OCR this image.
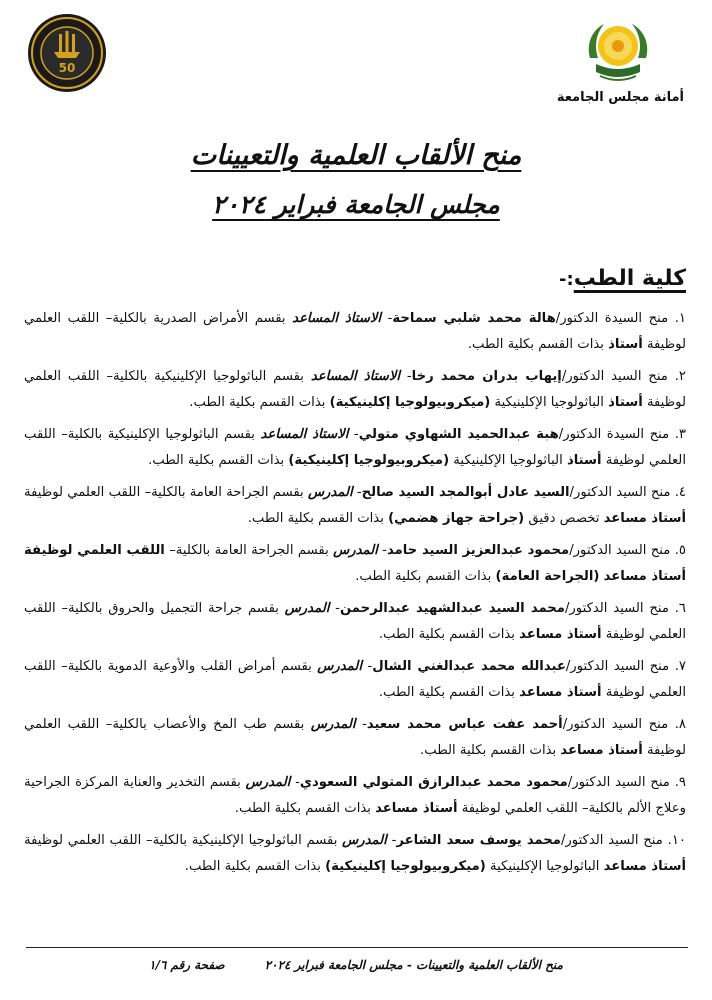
أمانة مجلس الجامعة
50
منح الألقاب العلمية والتعيينات
مجلس الجامعة فبراير ٢٠٢٤
كلية الطب:-
١. منح السيدة الدكتور/هالة محمد شلبي سماحة- الاستاذ المساعد بقسم الأمراض الصدرية بالكلية– اللقب العلمي لوظيفة أستاذ بذات القسم بكلية الطب.
٢. منح السيد الدكتور/إيهاب بدران محمد رخا- الاستاذ المساعد بقسم الباثولوجيا الإكلينيكية بالكلية– اللقب العلمي لوظيفة أستاذ الباثولوجيا الإكلينيكية (ميكروبيولوجيا إكلينيكية) بذات القسم بكلية الطب.
٣. منح السيدة الدكتور/هبة عبدالحميد الشهاوي متولي- الاستاذ المساعد بقسم الباثولوجيا الإكلينيكية بالكلية– اللقب العلمي لوظيفة أستاذ الباثولوجيا الإكلينيكية (ميكروبيولوجيا إكلينيكية) بذات القسم بكلية الطب.
٤. منح السيد الدكتور/السيد عادل أبوالمجد السيد صالح- المدرس بقسم الجراحة العامة بالكلية– اللقب العلمي لوظيفة أستاذ مساعد تخصص دقيق (جراحة جهاز هضمي) بذات القسم بكلية الطب.
٥. منح السيد الدكتور/محمود عبدالعزيز السيد حامد- المدرس بقسم الجراحة العامة بالكلية– اللقب العلمي لوظيفة أستاذ مساعد (الجراحة العامة) بذات القسم بكلية الطب.
٦. منح السيد الدكتور/محمد السيد عبدالشهيد عبدالرحمن- المدرس بقسم جراحة التجميل والحروق بالكلية– اللقب العلمي لوظيفة أستاذ مساعد بذات القسم بكلية الطب.
٧. منح السيد الدكتور/عبدالله محمد عبدالغني الشال- المدرس بقسم أمراض القلب والأوعية الدموية بالكلية– اللقب العلمي لوظيفة أستاذ مساعد بذات القسم بكلية الطب.
٨. منح السيد الدكتور/أحمد عفت عباس محمد سعيد- المدرس بقسم طب المخ والأعصاب بالكلية– اللقب العلمي لوظيفة أستاذ مساعد بذات القسم بكلية الطب.
٩. منح السيد الدكتور/محمود محمد عبدالرازق المتولي السعودي- المدرس بقسم التخدير والعناية المركزة الجراحية وعلاج الألم بالكلية– اللقب العلمي لوظيفة أستاذ مساعد بذات القسم بكلية الطب.
١٠. منح السيد الدكتور/محمد يوسف سعد الشاعر- المدرس بقسم الباثولوجيا الإكلينيكية بالكلية– اللقب العلمي لوظيفة أستاذ مساعد الباثولوجيا الإكلينيكية (ميكروبيولوجيا إكلينيكية) بذات القسم بكلية الطب.
منح الألقاب العلمية والتعيينات - مجلس الجامعة فبراير ٢٠٢٤صفحة رقم ١/٦
